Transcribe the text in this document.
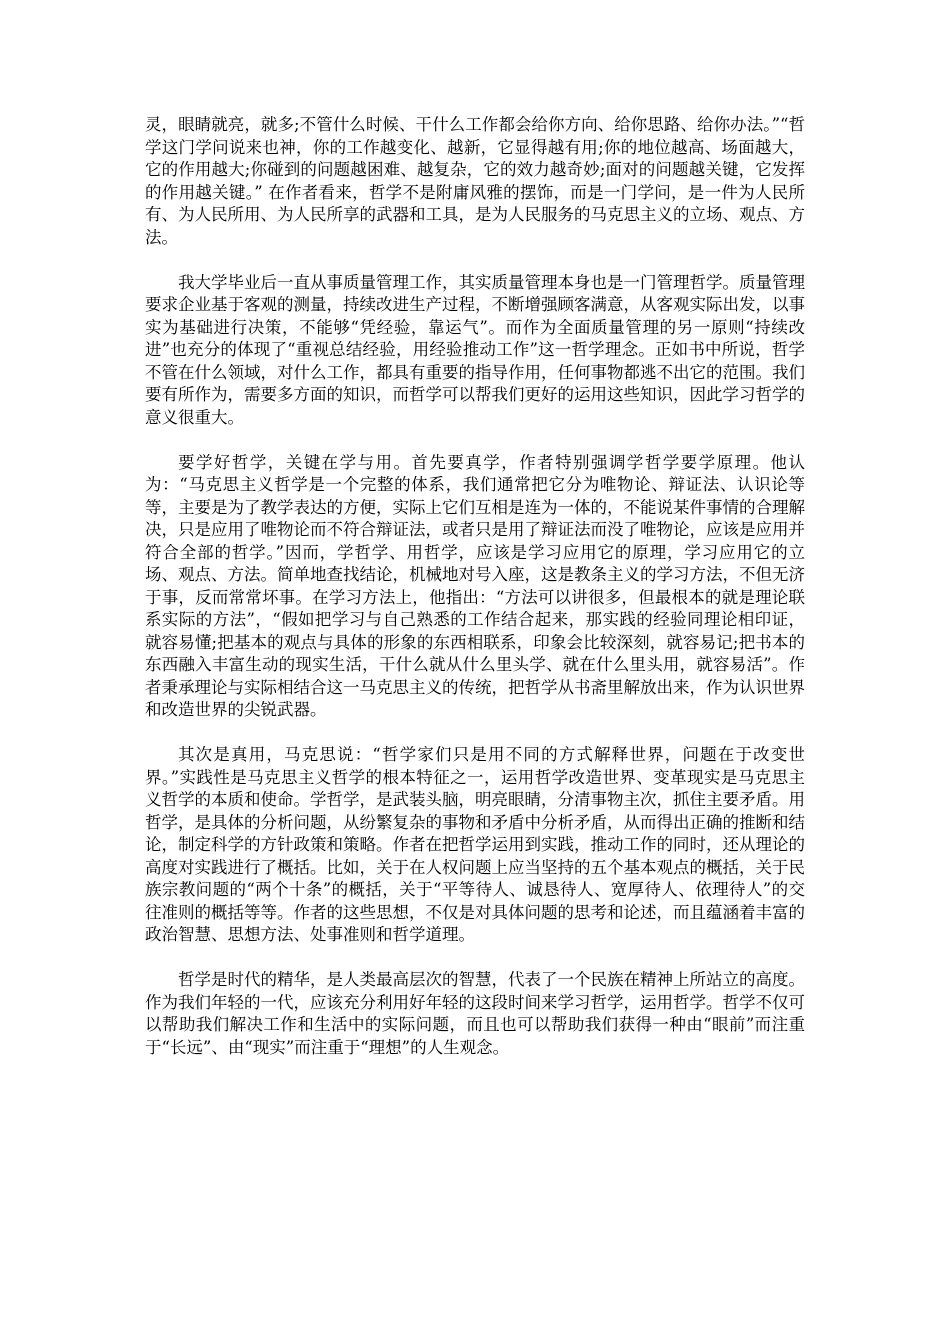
灵，眼睛就亮，就多;不管什么时候、干什么工作都会给你方向、给你思路、给你办法。”“哲学这门学问说来也神，你的工作越变化、越新，它显得越有用;你的地位越高、场面越大，它的作用越大;你碰到的问题越困难、越复杂，它的效力越奇妙;面对的问题越关键，它发挥的作用越关键。” 在作者看来，哲学不是附庸风雅的摆饰，而是一门学问，是一件为人民所有、为人民所用、为人民所享的武器和工具，是为人民服务的马克思主义的立场、观点、方法。

我大学毕业后一直从事质量管理工作，其实质量管理本身也是一门管理哲学。质量管理要求企业基于客观的测量，持续改进生产过程，不断增强顾客满意，从客观实际出发，以事实为基础进行决策，不能够“凭经验，靠运气”。而作为全面质量管理的另一原则“持续改进”也充分的体现了“重视总结经验，用经验推动工作”这一哲学理念。正如书中所说，哲学不管在什么领域，对什么工作，都具有重要的指导作用，任何事物都逃不出它的范围。我们要有所作为，需要多方面的知识，而哲学可以帮我们更好的运用这些知识，因此学习哲学的意义很重大。

要学好哲学，关键在学与用。首先要真学，作者特别强调学哲学要学原理。他认为：“马克思主义哲学是一个完整的体系，我们通常把它分为唯物论、辩证法、认识论等等，主要是为了教学表达的方便，实际上它们互相是连为一体的，不能说某件事情的合理解决，只是应用了唯物论而不符合辩证法，或者只是用了辩证法而没了唯物论，应该是应用并符合全部的哲学。”因而，学哲学、用哲学，应该是学习应用它的原理，学习应用它的立场、观点、方法。简单地查找结论，机械地对号入座，这是教条主义的学习方法，不但无济于事，反而常常坏事。在学习方法上，他指出：“方法可以讲很多，但最根本的就是理论联系实际的方法”，“假如把学习与自己熟悉的工作结合起来，那实践的经验同理论相印证，就容易懂;把基本的观点与具体的形象的东西相联系，印象会比较深刻，就容易记;把书本的东西融入丰富生动的现实生活，干什么就从什么里头学、就在什么里头用，就容易活”。作者秉承理论与实际相结合这一马克思主义的传统，把哲学从书斋里解放出来，作为认识世界和改造世界的尖锐武器。

其次是真用，马克思说：“哲学家们只是用不同的方式解释世界，问题在于改变世界。”实践性是马克思主义哲学的根本特征之一，运用哲学改造世界、变革现实是马克思主义哲学的本质和使命。学哲学，是武装头脑，明亮眼睛，分清事物主次，抓住主要矛盾。用哲学，是具体的分析问题，从纷繁复杂的事物和矛盾中分析矛盾，从而得出正确的推断和结论，制定科学的方针政策和策略。作者在把哲学运用到实践，推动工作的同时，还从理论的高度对实践进行了概括。比如，关于在人权问题上应当坚持的五个基本观点的概括，关于民族宗教问题的“两个十条”的概括，关于“平等待人、诚恳待人、宽厚待人、依理待人”的交往准则的概括等等。作者的这些思想，不仅是对具体问题的思考和论述，而且蕴涵着丰富的政治智慧、思想方法、处事准则和哲学道理。

哲学是时代的精华，是人类最高层次的智慧，代表了一个民族在精神上所站立的高度。作为我们年轻的一代，应该充分利用好年轻的这段时间来学习哲学，运用哲学。哲学不仅可以帮助我们解决工作和生活中的实际问题，而且也可以帮助我们获得一种由“眼前”而注重于“长远”、由“现实”而注重于“理想”的人生观念。
